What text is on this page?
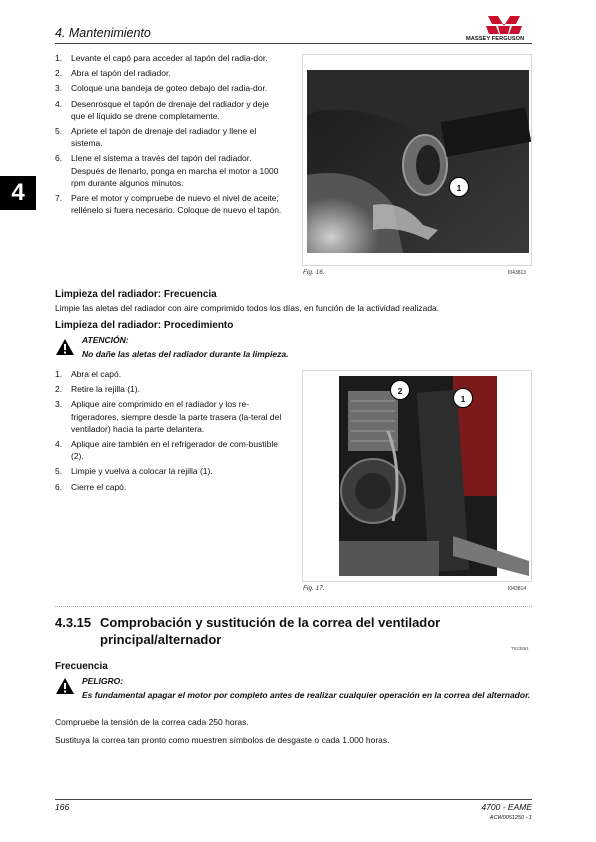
4. Mantenimiento	MASSEY FERGUSON
4
1. Levante el capó para acceder al tapón del radia-dor.
2. Abra el tapón del radiador.
3. Coloque una bandeja de goteo debajo del radia-dor.
4. Desenrosque el tapón de drenaje del radiador y deje que el líquido se drene completamente.
5. Apriete el tapón de drenaje del radiador y llene el sistema.
6. Llene el sistema a través del tapón del radiador. Después de llenarlo, ponga en marcha el motor a 1000 rpm durante algunos minutos.
7. Pare el motor y compruebe de nuevo el nivel de aceite; rellénelo si fuera necesario. Coloque de nuevo el tapón.
1
Fig. 16.	I043813
Limpieza del radiador: Frecuencia
Limpie las aletas del radiador con aire comprimido todos los días, en función de la actividad realizada.
Limpieza del radiador: Procedimiento
ATENCIÓN:
No dañe las aletas del radiador durante la limpieza.
1. Abra el capó.
2. Retire la rejilla (1).
3. Aplique aire comprimido en el radiador y los re-frigeradores, siempre desde la parte trasera (la-teral del ventilador) hacia la parte delantera.
4. Aplique aire también en el refrigerador de com-bustible (2).
5. Limpie y vuelva a colocar la rejilla (1).
6. Cierre el capó.
2
1
Fig. 17.	I043814
4.3.15 Comprobación y sustitución de la correa del ventilador principal/alternador
T023861
Frecuencia
PELIGRO:
Es fundamental apagar el motor por completo antes de realizar cualquier operación en la correa del alternador.
Compruebe la tensión de la correa cada 250 horas.
Sustituya la correa tan pronto como muestren símbolos de desgaste o cada 1.000 horas.
166	4700 - EAME
ACW0051250 - 1
